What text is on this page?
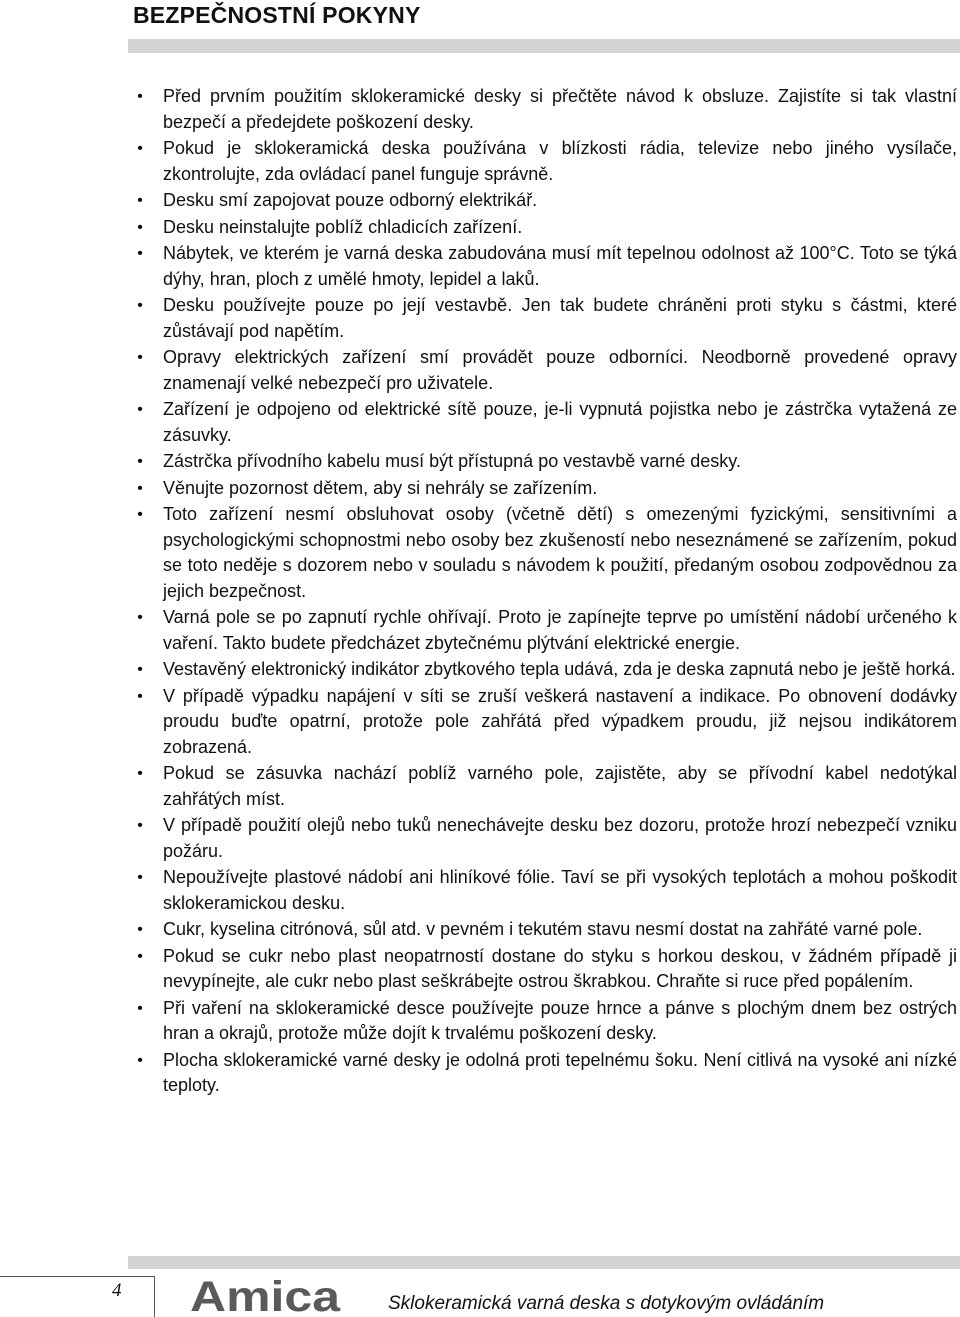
BEZPEČNOSTNÍ POKYNY
•	Před prvním použitím sklokeramické desky si přečtěte návod k obsluze. Zajistíte si tak vlastní bezpečí a předejdete poškození desky.
•	Pokud je sklokeramická deska používána v blízkosti rádia, televize nebo jiného vysílače, zkontrolujte, zda ovládací panel funguje správně.
•	Desku smí zapojovat pouze odborný elektrikář.
•	Desku neinstalujte poblíž chladicích zařízení.
•	Nábytek, ve kterém je varná deska zabudována musí mít tepelnou odolnost až 100°C. Toto se týká dýhy, hran, ploch z umělé hmoty, lepidel a laků.
•	Desku používejte pouze po její vestavbě. Jen tak budete chráněni proti styku s částmi, které zůstávají pod napětím.
•	Opravy elektrických zařízení smí provádět pouze odborníci. Neodborně provedené opravy znamenají velké nebezpečí pro uživatele.
•	Zařízení je odpojeno od elektrické sítě pouze, je-li vypnutá pojistka nebo je zástrčka vytažená ze zásuvky.
•	Zástrčka přívodního kabelu musí být přístupná po vestavbě varné desky.
•	Věnujte pozornost dětem, aby si nehrály se zařízením.
•	Toto zařízení nesmí obsluhovat osoby (včetně dětí) s omezenými fyzickými, sensitivními a psychologickými schopnostmi nebo osoby bez zkušeností nebo neseznámené se zařízením, pokud se toto neděje s dozorem nebo v souladu s návodem k použití, předaným osobou zodpovědnou za jejich bezpečnost.
•	Varná pole se po zapnutí rychle ohřívají. Proto je zapínejte teprve po umístění nádobí určeného k vaření. Takto budete předcházet zbytečnému plýtvání elektrické energie.
•	Vestavěný elektronický indikátor zbytkového tepla udává, zda je deska zapnutá nebo je ještě horká.
•	V případě výpadku napájení v síti se zruší veškerá nastavení a indikace. Po obnovení dodávky proudu buďte opatrní, protože pole zahřátá před výpadkem proudu, již nejsou indikátorem zobrazená.
•	Pokud se zásuvka nachází poblíž varného pole, zajistěte, aby se přívodní kabel nedotýkal zahřátých míst.
•	V případě použití olejů nebo tuků nenechávejte desku bez dozoru, protože hrozí nebezpečí vzniku požáru.
•	Nepoužívejte plastové nádobí ani hliníkové fólie. Taví se při vysokých teplotách a mohou poškodit sklokeramickou desku.
•	Cukr, kyselina citrónová, sůl atd. v pevném i tekutém stavu nesmí dostat na zahřáté varné pole.
•	Pokud se cukr nebo plast neopatrností dostane do styku s horkou deskou, v žádném případě ji nevypínejte, ale cukr nebo plast seškrábejte ostrou škrabkou. Chraňte si ruce před popálením.
•	Při vaření na sklokeramické desce používejte pouze hrnce a pánve s plochým dnem bez ostrých hran a okrajů, protože může dojít k trvalému poškození desky.
•	Plocha sklokeramické varné desky je odolná proti tepelnému šoku. Není citlivá na vysoké ani nízké teploty.
4 Amica Sklokeramická varná deska s dotykovým ovládáním
